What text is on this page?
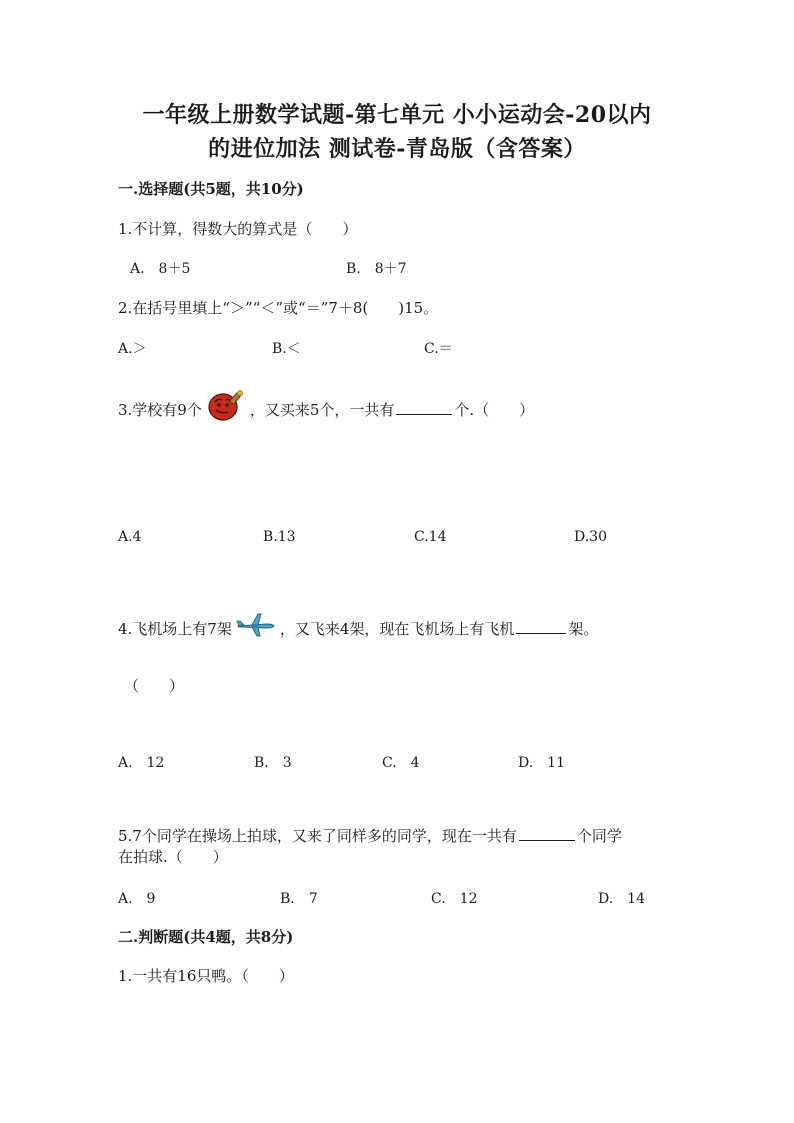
一年级上册数学试题-第七单元 小小运动会-20以内
的进位加法 测试卷-青岛版（含答案）
一.选择题(共5题，共10分)
1.不计算，得数大的算式是（　　）
A.　8＋5	B.　8＋7
2.在括号里填上“＞”“＜”或“＝”7＋8(　　)15。
A.＞	B.＜	C.＝
3.学校有9个	，又买来5个，一共有	个.（　　）
A.4	B.13	C.14	D.30
4.飞机场上有7架	，又飞来4架，现在飞机场上有飞机	架。
（　　）
A.　12	B.　3	C.　4	D.　11
5.7个同学在操场上拍球，又来了同样多的同学，现在一共有	个同学
在拍球.（　　）
A.　9	B.　7	C.　12	D.　14
二.判断题(共4题，共8分)
1.一共有16只鸭。（　　）
